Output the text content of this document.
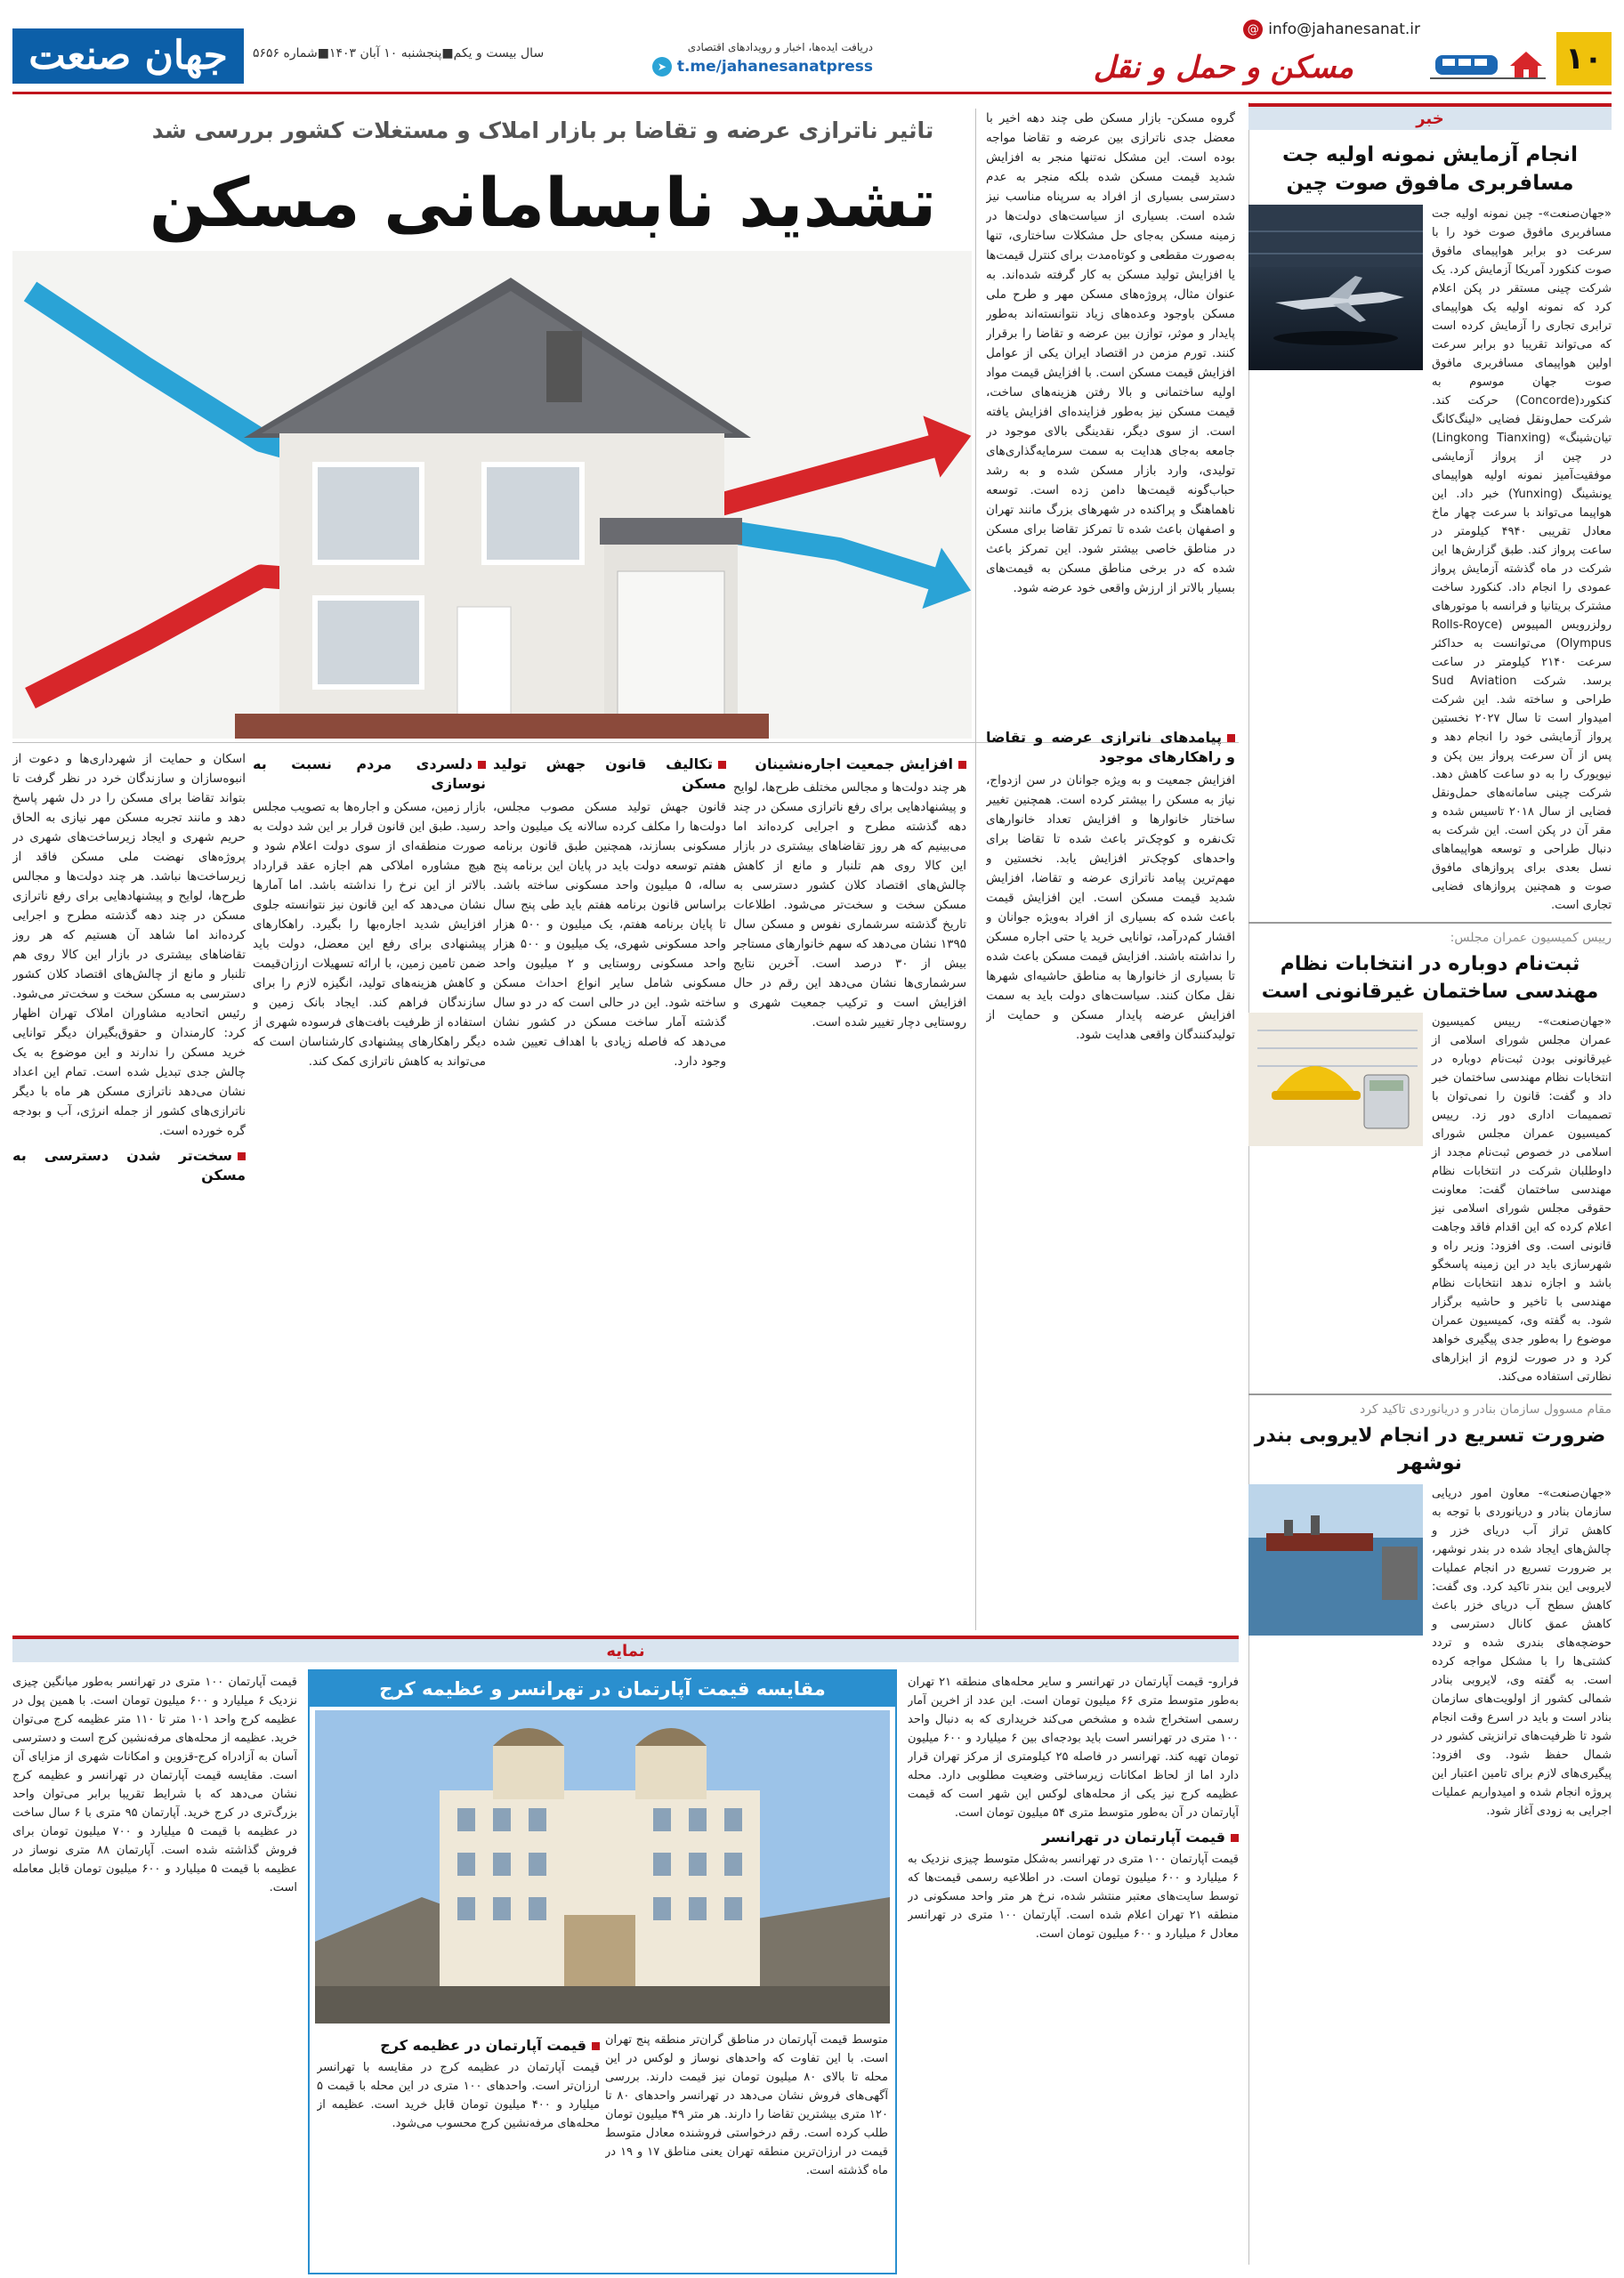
۱۰
@ info@jahanesanat.ir
مسکن و حمل و نقل
دریافت ایده‌ها، اخبار و رویدادهای اقتصادی
➤ t.me/jahanesanatpress
سال بیست و یکم■پنجشنبه ۱۰ آبان ۱۴۰۳■شماره ۵۶۵۶
جهان صنعت
خبر
انجام آزمایش نمونه اولیه جت مسافربری مافوق صوت چین
«جهان‌صنعت»- چین نمونه اولیه جت مسافربری مافوق صوت خود را با سرعت دو برابر هواپیمای مافوق صوت کنکورد آمریکا آزمایش کرد. یک شرکت چینی مستقر در پکن اعلام کرد که نمونه اولیه یک هواپیمای ترابری تجاری را آزمایش کرده است که می‌تواند تقریبا دو برابر سرعت اولین هواپیمای مسافربری مافوق صوت جهان موسوم به کنکورد(Concorde) حرکت کند. شرکت حمل‌ونقل فضایی «لینگ‌کانگ تیان‌شینگ» (Lingkong Tianxing) در چین از پرواز آزمایشی موفقیت‌آمیز نمونه اولیه هواپیمای یونشینگ (Yunxing) خبر داد. این هواپیما می‌تواند با سرعت چهار ماخ معادل تقریبی ۴۹۴۰ کیلومتر در ساعت پرواز کند. طبق گزارش‌ها این شرکت در ماه گذشته آزمایش پرواز عمودی را انجام داد. کنکورد ساخت مشترک بریتانیا و فرانسه با موتورهای رولزرویس المپیوس (Rolls-Royce Olympus) می‌توانست به حداکثر سرعت ۲۱۴۰ کیلومتر در ساعت برسد. شرکت Sud Aviation طراحی و ساخته شد. این شرکت امیدوار است تا سال ۲۰۲۷ نخستین پرواز آزمایشی خود را انجام دهد و پس از آن سرعت پرواز بین پکن و نیویورک را به دو ساعت کاهش دهد. شرکت چینی سامانه‌های حمل‌ونقل فضایی از سال ۲۰۱۸ تاسیس شده و مقر آن در پکن است. این شرکت به دنبال طراحی و توسعه هواپیماهای نسل بعدی برای پروازهای مافوق صوت و همچنین پروازهای فضایی تجاری است.
رییس کمیسیون عمران مجلس:
ثبت‌نام دوباره در انتخابات نظام مهندسی ساختمان غیرقانونی است
«جهان‌صنعت»- رییس کمیسیون عمران مجلس شورای اسلامی از غیرقانونی بودن ثبت‌نام دوباره در انتخابات نظام مهندسی ساختمان خبر داد و گفت: قانون را نمی‌توان با تصمیمات اداری دور زد. رییس کمیسیون عمران مجلس شورای اسلامی در خصوص ثبت‌نام مجدد از داوطلبان شرکت در انتخابات نظام مهندسی ساختمان گفت: معاونت حقوقی مجلس شورای اسلامی نیز اعلام کرده که این اقدام فاقد وجاهت قانونی است. وی افزود: وزیر راه و شهرسازی باید در این زمینه پاسخگو باشد و اجازه ندهد انتخابات نظام مهندسی با تاخیر و حاشیه برگزار شود. به گفته وی، کمیسیون عمران موضوع را به‌طور جدی پیگیری خواهد کرد و در صورت لزوم از ابزارهای نظارتی استفاده می‌کند.
مقام مسوول سازمان بنادر و دریانوردی تاکید کرد
ضرورت تسریع در انجام لایروبی بندر نوشهر
«جهان‌صنعت»- معاون امور دریایی سازمان بنادر و دریانوردی با توجه به کاهش تراز آب دریای خزر و چالش‌های ایجاد شده در بندر نوشهر، بر ضرورت تسریع در انجام عملیات لایروبی این بندر تاکید کرد. وی گفت: کاهش سطح آب دریای خزر باعث کاهش عمق کانال دسترسی و حوضچه‌های بندری شده و تردد کشتی‌ها را با مشکل مواجه کرده است. به گفته وی، لایروبی بنادر شمالی کشور از اولویت‌های سازمان بنادر است و باید در اسرع وقت انجام شود تا ظرفیت‌های ترانزیتی کشور در شمال حفظ شود. وی افزود: پیگیری‌های لازم برای تامین اعتبار این پروژه انجام شده و امیدواریم عملیات اجرایی به زودی آغاز شود.

گروه مسکن- بازار مسکن طی چند دهه اخیر با معضل جدی ناترازی بین عرضه و تقاضا مواجه بوده است. این مشکل نه‌تنها منجر به افزایش شدید قیمت مسکن شده بلکه منجر به عدم دسترسی بسیاری از افراد به سرپناه مناسب نیز شده است. بسیاری از سیاست‌های دولت‌ها در زمینه مسکن به‌جای حل مشکلات ساختاری، تنها به‌صورت مقطعی و کوتاه‌مدت برای کنترل قیمت‌ها یا افزایش تولید مسکن به کار گرفته شده‌اند. به عنوان مثال، پروژه‌های مسکن مهر و طرح ملی مسکن باوجود وعده‌های زیاد نتوانسته‌اند به‌طور پایدار و موثر، توازن بین عرضه و تقاضا را برقرار کنند. تورم مزمن در اقتصاد ایران یکی از عوامل افزایش قیمت مسکن است. با افزایش قیمت مواد اولیه ساختمانی و بالا رفتن هزینه‌های ساخت، قیمت مسکن نیز به‌طور فزاینده‌ای افزایش یافته است. از سوی دیگر، نقدینگی بالای موجود در جامعه به‌جای هدایت به سمت سرمایه‌گذاری‌های تولیدی، وارد بازار مسکن شده و به رشد حباب‌گونه قیمت‌ها دامن زده است. توسعه ناهماهنگ و پراکنده در شهرهای بزرگ مانند تهران و اصفهان باعث شده تا تمرکز تقاضا برای مسکن در مناطق خاصی بیشتر شود. این تمرکز باعث شده که در برخی مناطق مسکن به قیمت‌های بسیار بالاتر از ارزش واقعی خود عرضه شود.

تاثیر ناترازی عرضه و تقاضا بر بازار املاک و مستغلات کشور بررسی شد
تشدید نابسامانی مسکن
پیامدهای ناترازی عرضه و تقاضا و راهکارهای موجود

افزایش جمعیت و به ویژه جوانان در سن ازدواج، نیاز به مسکن را بیشتر کرده است. همچنین تغییر ساختار خانوارها و افزایش تعداد خانوارهای تک‌نفره و کوچک‌تر باعث شده تا تقاضا برای واحدهای کوچک‌تر افزایش یابد. نخستین و مهم‌ترین پیامد ناترازی عرضه و تقاضا، افزایش شدید قیمت مسکن است. این افزایش قیمت باعث شده که بسیاری از افراد به‌ویژه جوانان و اقشار کم‌درآمد، توانایی خرید یا حتی اجاره مسکن را نداشته باشند. افزایش قیمت مسکن باعث شده تا بسیاری از خانوارها به مناطق حاشیه‌ای شهرها نقل مکان کنند. سیاست‌های دولت باید به سمت افزایش عرضه پایدار مسکن و حمایت از تولیدکنندگان واقعی هدایت شود.

افزایش جمعیت اجاره‌نشینان

هر چند دولت‌ها و مجالس مختلف طرح‌ها، لوایح و پیشنهادهایی برای رفع ناترازی مسکن در چند دهه گذشته مطرح و اجرایی کرده‌اند اما می‌بینیم که هر روز تقاضاهای بیشتری در بازار این کالا روی هم تلنبار و مانع از کاهش چالش‌های اقتصاد کلان کشور دسترسی به مسکن سخت و سخت‌تر می‌شود. اطلاعات تاریخ گذشته سرشماری نفوس و مسکن سال ۱۳۹۵ نشان می‌دهد که سهم خانوارهای مستاجر بیش از ۳۰ درصد است. آخرین نتایج سرشماری‌ها نشان می‌دهد این رقم در حال افزایش است و ترکیب جمعیت شهری و روستایی دچار تغییر شده است.

تکالیف قانون جهش تولید مسکن

قانون جهش تولید مسکن مصوب مجلس، دولت‌ها را مکلف کرده سالانه یک میلیون واحد مسکونی بسازند، همچنین طبق قانون برنامه هفتم توسعه دولت باید در پایان این برنامه پنج ساله، ۵ میلیون واحد مسکونی ساخته باشد. براساس قانون برنامه هفتم باید طی پنج سال تا پایان برنامه هفتم، یک میلیون و ۵۰۰ هزار واحد مسکونی شهری، یک میلیون و ۵۰۰ هزار واحد مسکونی روستایی و ۲ میلیون واحد مسکونی شامل سایر انواع احداث مسکن ساخته شود. این در حالی است که در دو سال گذشته آمار ساخت مسکن در کشور نشان می‌دهد که فاصله زیادی با اهداف تعیین شده وجود دارد.

دلسردی مردم نسبت به نوسازی

بازار زمین، مسکن و اجاره‌ها به تصویب مجلس رسید. طبق این قانون قرار بر این شد دولت به صورت منطقه‌ای از سوی دولت اعلام شود و هیچ مشاوره املاکی هم اجازه عقد قرارداد بالاتر از این نرخ را نداشته باشد. اما آمارها نشان می‌دهد که این قانون نیز نتوانسته جلوی افزایش شدید اجاره‌بها را بگیرد. راهکارهای پیشنهادی برای رفع این معضل، دولت باید ضمن تامین زمین، با ارائه تسهیلات ارزان‌قیمت و کاهش هزینه‌های تولید، انگیزه لازم را برای سازندگان فراهم کند. ایجاد بانک زمین و استفاده از ظرفیت بافت‌های فرسوده شهری از دیگر راهکارهای پیشنهادی کارشناسان است که می‌تواند به کاهش ناترازی کمک کند.

اسکان و حمایت از شهرداری‌ها و دعوت از انبوه‌سازان و سازندگان خرد در نظر گرفت تا بتواند تقاضا برای مسکن را در دل شهر پاسخ دهد و مانند تجربه مسکن مهر نیازی به الحاق حریم شهری و ایجاد زیرساخت‌های شهری در پروژه‌های نهضت ملی مسکن فاقد از زیرساخت‌ها نباشد. هر چند دولت‌ها و مجالس طرح‌ها، لوایح و پیشنهادهایی برای رفع ناترازی مسکن در چند دهه گذشته مطرح و اجرایی کرده‌اند اما شاهد آن هستیم که هر روز تقاضاهای بیشتری در بازار این کالا روی هم تلنبار و مانع از چالش‌های اقتصاد کلان کشور دسترسی به مسکن سخت و سخت‌تر می‌شود. رئیس اتحادیه مشاوران املاک تهران اظهار کرد: کارمندان و حقوق‌بگیران دیگر توانایی خرید مسکن را ندارند و این موضوع به یک چالش جدی تبدیل شده است. تمام این اعداد نشان می‌دهد ناترازی مسکن هر ماه با دیگر ناترازی‌های کشور از جمله انرژی، آب و بودجه گره خورده است.

سخت‌تر شدن دسترسی به مسکن
نمایه

فرارو- قیمت آپارتمان در تهرانسر و سایر محله‌های منطقه ۲۱ تهران به‌طور متوسط متری ۶۶ میلیون تومان است. این عدد از اخرین آمار رسمی استخراج شده و مشخص می‌کند خریداری که به دنبال واحد ۱۰۰ متری در تهرانسر است باید بودجه‌ای بین ۶ میلیارد و ۶۰۰ میلیون تومان تهیه کند. تهرانسر در فاصله ۲۵ کیلومتری از مرکز تهران قرار دارد اما از لحاظ امکانات زیرساختی وضعیت مطلوبی دارد. محله عظیمه کرج نیز یکی از محله‌های لوکس این شهر است که قیمت آپارتمان در آن به‌طور متوسط متری ۵۴ میلیون تومان است.

قیمت آپارتمان در تهرانسر

قیمت آپارتمان ۱۰۰ متری در تهرانسر به‌شکل متوسط چیزی نزدیک به ۶ میلیارد و ۶۰۰ میلیون تومان است. در اطلاعیه رسمی قیمت‌ها که توسط سایت‌های معتبر منتشر شده، نرخ هر متر واحد مسکونی در منطقه ۲۱ تهران اعلام شده است. آپارتمان ۱۰۰ متری در تهرانسر معادل ۶ میلیارد و ۶۰۰ میلیون تومان است.

مقایسه قیمت آپارتمان در تهرانسر و عظیمه کرج

متوسط قیمت آپارتمان در مناطق گران‌تر منطقه پنج تهران است. با این تفاوت که واحدهای نوساز و لوکس در این محله تا بالای ۸۰ میلیون تومان نیز قیمت دارند. بررسی آگهی‌های فروش نشان می‌دهد در تهرانسر واحدهای ۸۰ تا ۱۲۰ متری بیشترین تقاضا را دارند. هر متر ۴۹ میلیون تومان طلب کرده است. رقم درخواستی فروشنده معادل متوسط قیمت در ارزان‌ترین منطقه تهران یعنی مناطق ۱۷ و ۱۹ در ماه گذشته است.

قیمت آپارتمان در عظیمه کرج

قیمت آپارتمان در عظیمه کرج در مقایسه با تهرانسر ارزان‌تر است. واحدهای ۱۰۰ متری در این محله با قیمت ۵ میلیارد و ۴۰۰ میلیون تومان قابل خرید است. عظیمه از محله‌های مرفه‌نشین کرج محسوب می‌شود.

قیمت آپارتمان ۱۰۰ متری در تهرانسر به‌طور میانگین چیزی نزدیک ۶ میلیارد و ۶۰۰ میلیون تومان است. با همین پول در عظیمه کرج واحد ۱۰۱ متر تا ۱۱۰ متر عظیمه کرج می‌توان خرید. عظیمه از محله‌های مرفه‌نشین کرج است و دسترسی آسان به آزادراه کرج-قزوین و امکانات شهری از مزایای آن است. مقایسه قیمت آپارتمان در تهرانسر و عظیمه کرج نشان می‌دهد که با شرایط تقریبا برابر می‌توان واحد بزرگ‌تری در کرج خرید. آپارتمان ۹۵ متری با ۶ سال ساخت در عظیمه با قیمت ۵ میلیارد و ۷۰۰ میلیون تومان برای فروش گذاشته شده است. آپارتمان ۸۸ متری نوساز در عظیمه با قیمت ۵ میلیارد و ۶۰۰ میلیون تومان قابل معامله است.
